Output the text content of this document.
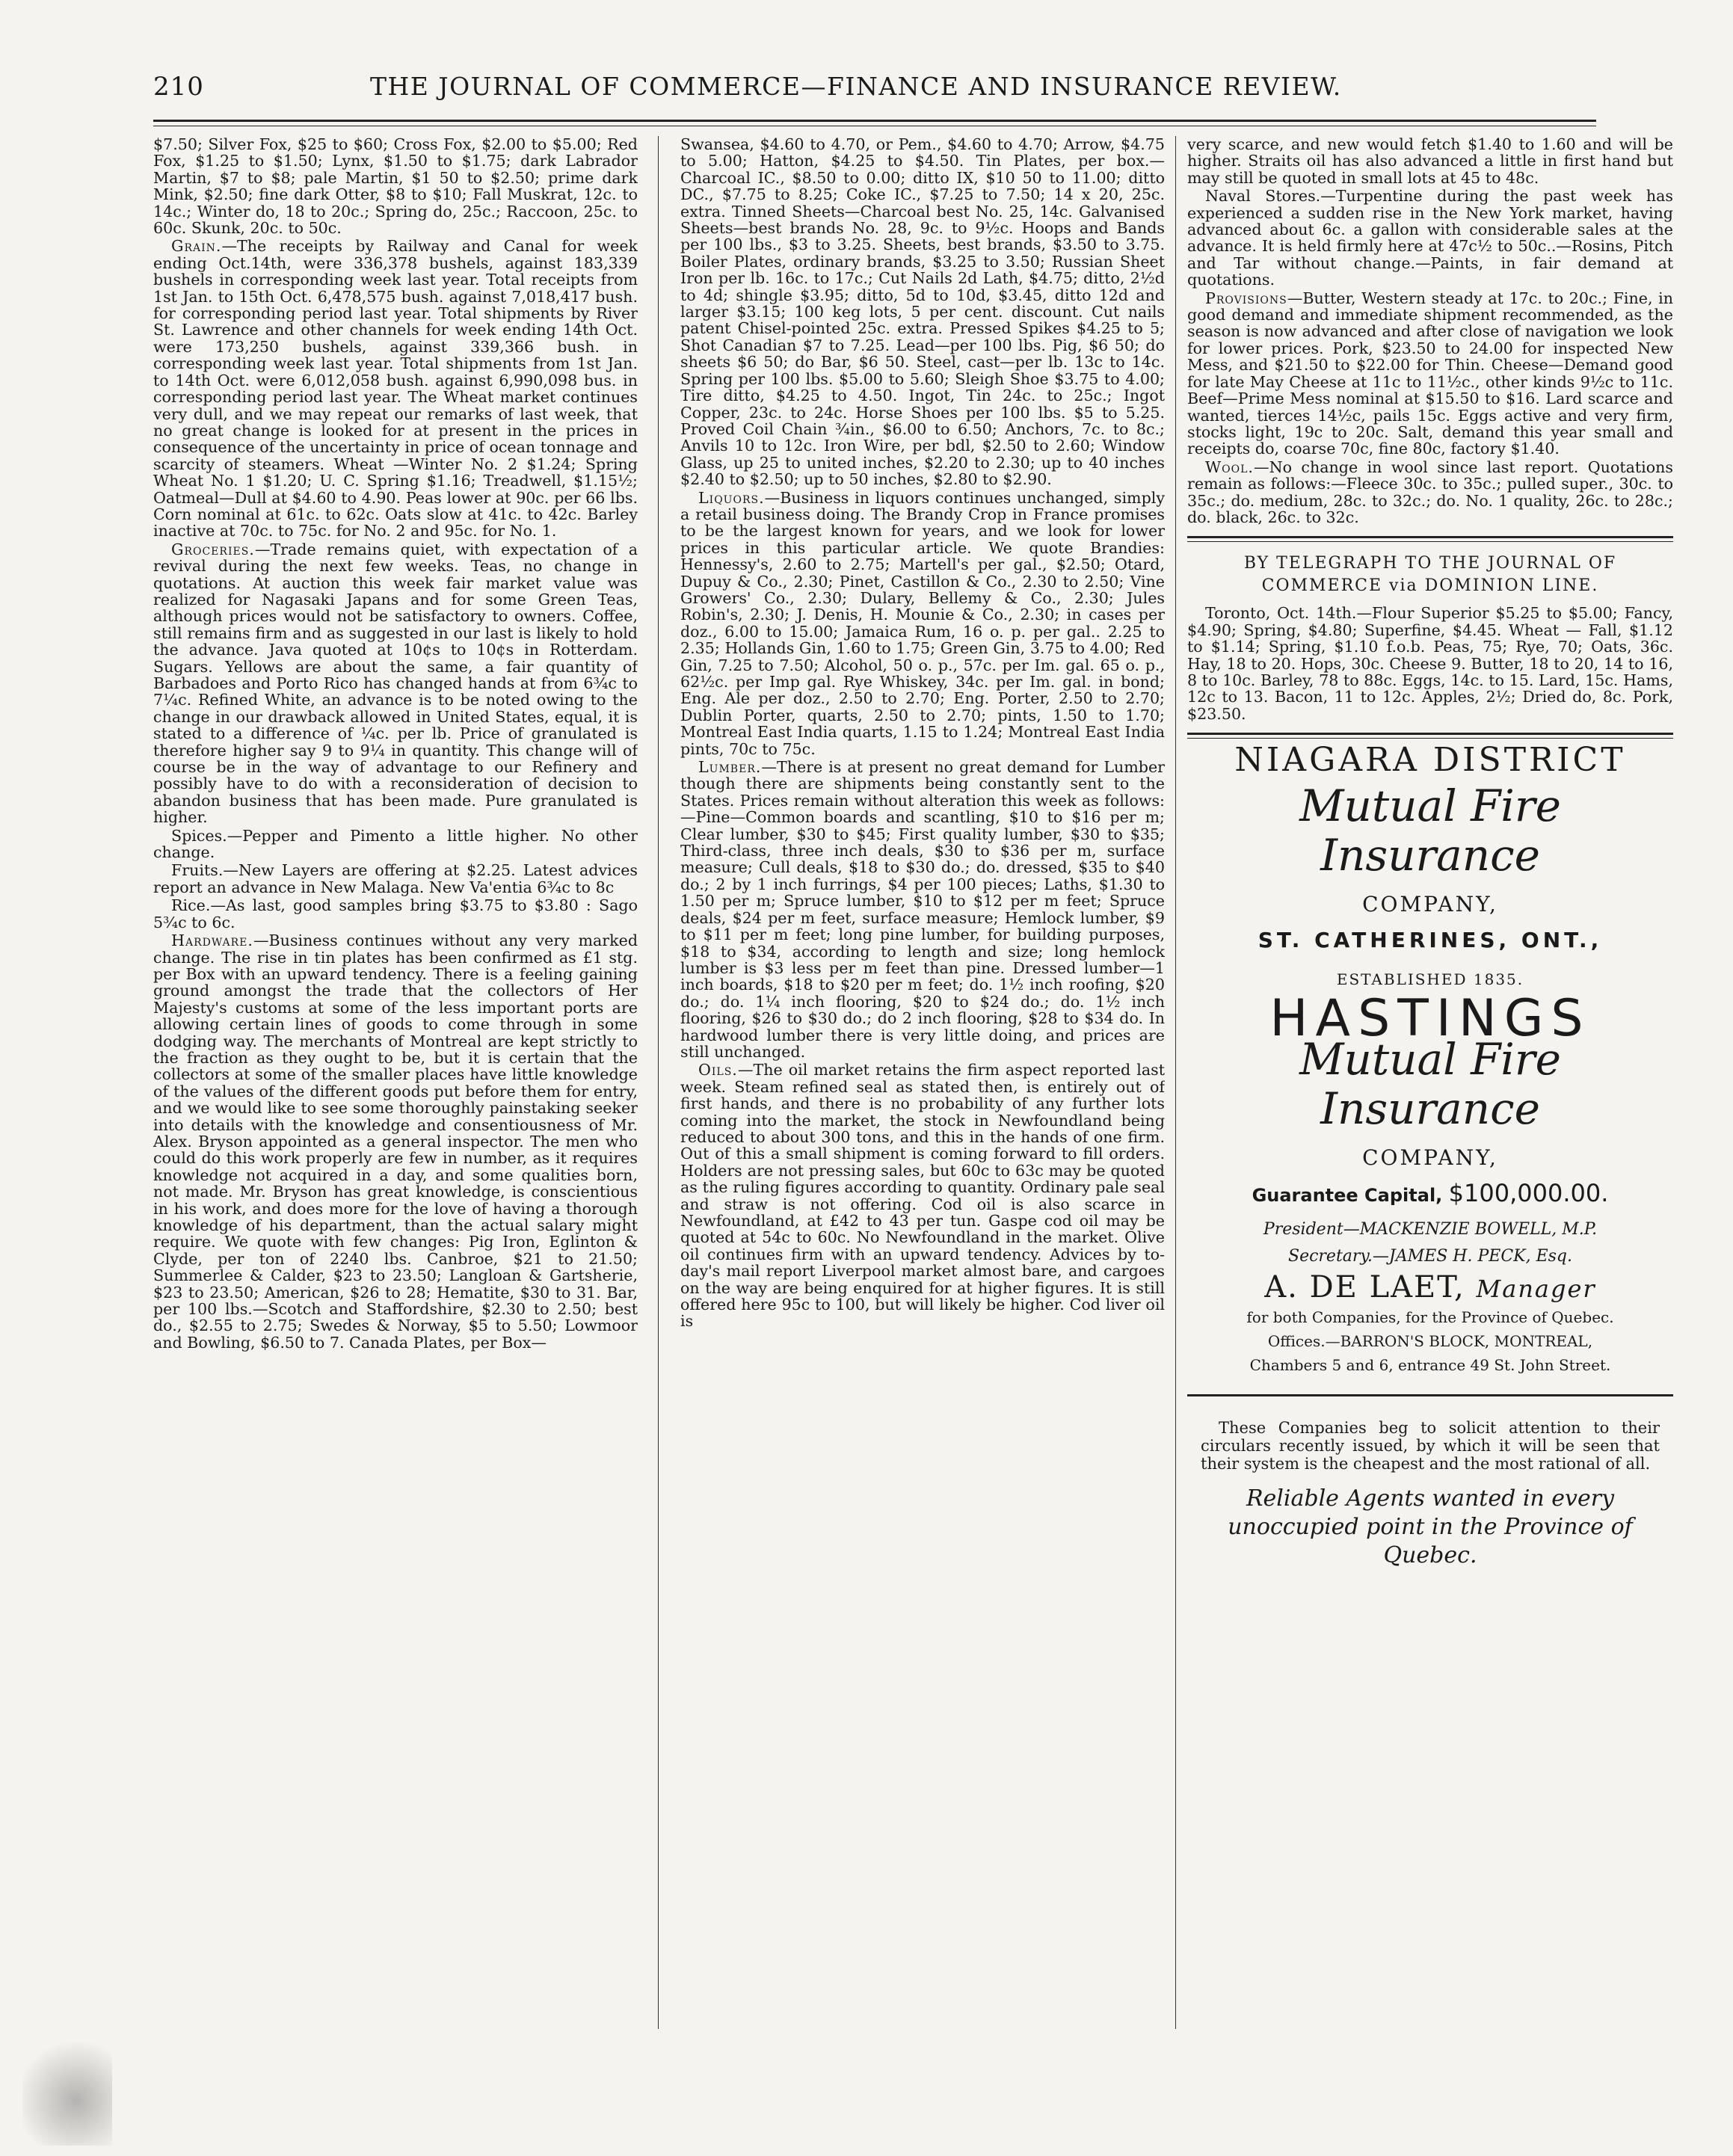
210	THE JOURNAL OF COMMERCE—FINANCE AND INSURANCE REVIEW.

$7.50; Silver Fox, $25 to $60; Cross Fox, $2.00 to $5.00; Red Fox, $1.25 to $1.50; Lynx, $1.50 to $1.75; dark Labrador Martin, $7 to $8; pale Martin, $1 50 to $2.50; prime dark Mink, $2.50; fine dark Otter, $8 to $10; Fall Muskrat, 12c. to 14c.; Winter do, 18 to 20c.; Spring do, 25c.; Raccoon, 25c. to 60c. Skunk, 20c. to 50c.

Grain.—The receipts by Railway and Canal for week ending Oct.14th, were 336,378 bushels, against 183,339 bushels in corresponding week last year. Total receipts from 1st Jan. to 15th Oct. 6,478,575 bush. against 7,018,417 bush. for corresponding period last year. Total shipments by River St. Lawrence and other channels for week ending 14th Oct. were 173,250 bushels, against 339,366 bush. in corresponding week last year. Total shipments from 1st Jan. to 14th Oct. were 6,012,058 bush. against 6,990,098 bus. in corresponding period last year. The Wheat market continues very dull, and we may repeat our remarks of last week, that no great change is looked for at present in the prices in consequence of the uncertainty in price of ocean tonnage and scarcity of steamers. Wheat —Winter No. 2 $1.24; Spring Wheat No. 1 $1.20; U. C. Spring $1.16; Treadwell, $1.15½; Oatmeal—Dull at $4.60 to 4.90. Peas lower at 90c. per 66 lbs. Corn nominal at 61c. to 62c. Oats slow at 41c. to 42c. Barley inactive at 70c. to 75c. for No. 2 and 95c. for No. 1.

Groceries.—Trade remains quiet, with expectation of a revival during the next few weeks. Teas, no change in quotations. At auction this week fair market value was realized for Nagasaki Japans and for some Green Teas, although prices would not be satisfactory to owners. Coffee, still remains firm and as suggested in our last is likely to hold the advance. Java quoted at 10¢s to 10¢s in Rotterdam. Sugars. Yellows are about the same, a fair quantity of Barbadoes and Porto Rico has changed hands at from 6¾c to 7¼c. Refined White, an advance is to be noted owing to the change in our drawback allowed in United States, equal, it is stated to a difference of ¼c. per lb. Price of granulated is therefore higher say 9 to 9¼ in quantity. This change will of course be in the way of advantage to our Refinery and possibly have to do with a reconsideration of decision to abandon business that has been made. Pure granulated is higher.

Spices.—Pepper and Pimento a little higher. No other change.

Fruits.—New Layers are offering at $2.25. Latest advices report an advance in New Malaga. New Va'entia 6¾c to 8c

Rice.—As last, good samples bring $3.75 to $3.80 : Sago 5¾c to 6c.

Hardware.—Business continues without any very marked change. The rise in tin plates has been confirmed as £1 stg. per Box with an upward tendency. There is a feeling gaining ground amongst the trade that the collectors of Her Majesty's customs at some of the less important ports are allowing certain lines of goods to come through in some dodging way. The merchants of Montreal are kept strictly to the fraction as they ought to be, but it is certain that the collectors at some of the smaller places have little knowledge of the values of the different goods put before them for entry, and we would like to see some thoroughly painstaking seeker into details with the knowledge and consentiousness of Mr. Alex. Bryson appointed as a general inspector. The men who could do this work properly are few in number, as it requires knowledge not acquired in a day, and some qualities born, not made. Mr. Bryson has great knowledge, is conscientious in his work, and does more for the love of having a thorough knowledge of his department, than the actual salary might require. We quote with few changes: Pig Iron, Eglinton & Clyde, per ton of 2240 lbs. Canbroe, $21 to 21.50; Summerlee & Calder, $23 to 23.50; Langloan & Gartsherie, $23 to 23.50; American, $26 to 28; Hematite, $30 to 31. Bar, per 100 lbs.—Scotch and Staffordshire, $2.30 to 2.50; best do., $2.55 to 2.75; Swedes & Norway, $5 to 5.50; Lowmoor and Bowling, $6.50 to 7. Canada Plates, per Box—

Swansea, $4.60 to 4.70, or Pem., $4.60 to 4.70; Arrow, $4.75 to 5.00; Hatton, $4.25 to $4.50. Tin Plates, per box.—Charcoal IC., $8.50 to 0.00; ditto IX, $10 50 to 11.00; ditto DC., $7.75 to 8.25; Coke IC., $7.25 to 7.50; 14 x 20, 25c. extra. Tinned Sheets—Charcoal best No. 25, 14c. Galvanised Sheets—best brands No. 28, 9c. to 9½c. Hoops and Bands per 100 lbs., $3 to 3.25. Sheets, best brands, $3.50 to 3.75. Boiler Plates, ordinary brands, $3.25 to 3.50; Russian Sheet Iron per lb. 16c. to 17c.; Cut Nails 2d Lath, $4.75; ditto, 2½d to 4d; shingle $3.95; ditto, 5d to 10d, $3.45, ditto 12d and larger $3.15; 100 keg lots, 5 per cent. discount. Cut nails patent Chisel-pointed 25c. extra. Pressed Spikes $4.25 to 5; Shot Canadian $7 to 7.25. Lead—per 100 lbs. Pig, $6 50; do sheets $6 50; do Bar, $6 50. Steel, cast—per lb. 13c to 14c. Spring per 100 lbs. $5.00 to 5.60; Sleigh Shoe $3.75 to 4.00; Tire ditto, $4.25 to 4.50. Ingot, Tin 24c. to 25c.; Ingot Copper, 23c. to 24c. Horse Shoes per 100 lbs. $5 to 5.25. Proved Coil Chain ¾in., $6.00 to 6.50; Anchors, 7c. to 8c.; Anvils 10 to 12c. Iron Wire, per bdl, $2.50 to 2.60; Window Glass, up 25 to united inches, $2.20 to 2.30; up to 40 inches $2.40 to $2.50; up to 50 inches, $2.80 to $2.90.

Liquors.—Business in liquors continues unchanged, simply a retail business doing. The Brandy Crop in France promises to be the largest known for years, and we look for lower prices in this particular article. We quote Brandies: Hennessy's, 2.60 to 2.75; Martell's per gal., $2.50; Otard, Dupuy & Co., 2.30; Pinet, Castillon & Co., 2.30 to 2.50; Vine Growers' Co., 2.30; Dulary, Bellemy & Co., 2.30; Jules Robin's, 2.30; J. Denis, H. Mounie & Co., 2.30; in cases per doz., 6.00 to 15.00; Jamaica Rum, 16 o. p. per gal.. 2.25 to 2.35; Hollands Gin, 1.60 to 1.75; Green Gin, 3.75 to 4.00; Red Gin, 7.25 to 7.50; Alcohol, 50 o. p., 57c. per Im. gal. 65 o. p., 62½c. per Imp gal. Rye Whiskey, 34c. per Im. gal. in bond; Eng. Ale per doz., 2.50 to 2.70; Eng. Porter, 2.50 to 2.70; Dublin Porter, quarts, 2.50 to 2.70; pints, 1.50 to 1.70; Montreal East India quarts, 1.15 to 1.24; Montreal East India pints, 70c to 75c.

Lumber.—There is at present no great demand for Lumber though there are shipments being constantly sent to the States. Prices remain without alteration this week as follows:—Pine—Common boards and scantling, $10 to $16 per m; Clear lumber, $30 to $45; First quality lumber, $30 to $35; Third-class, three inch deals, $30 to $36 per m, surface measure; Cull deals, $18 to $30 do.; do. dressed, $35 to $40 do.; 2 by 1 inch furrings, $4 per 100 pieces; Laths, $1.30 to 1.50 per m; Spruce lumber, $10 to $12 per m feet; Spruce deals, $24 per m feet, surface measure; Hemlock lumber, $9 to $11 per m feet; long pine lumber, for building purposes, $18 to $34, according to length and size; long hemlock lumber is $3 less per m feet than pine. Dressed lumber—1 inch boards, $18 to $20 per m feet; do. 1½ inch roofing, $20 do.; do. 1¼ inch flooring, $20 to $24 do.; do. 1½ inch flooring, $26 to $30 do.; do 2 inch flooring, $28 to $34 do. In hardwood lumber there is very little doing, and prices are still unchanged.

Oils.—The oil market retains the firm aspect reported last week. Steam refined seal as stated then, is entirely out of first hands, and there is no probability of any further lots coming into the market, the stock in Newfoundland being reduced to about 300 tons, and this in the hands of one firm. Out of this a small shipment is coming forward to fill orders. Holders are not pressing sales, but 60c to 63c may be quoted as the ruling figures according to quantity. Ordinary pale seal and straw is not offering. Cod oil is also scarce in Newfoundland, at £42 to 43 per tun. Gaspe cod oil may be quoted at 54c to 60c. No Newfoundland in the market. Olive oil continues firm with an upward tendency. Advices by to-day's mail report Liverpool market almost bare, and cargoes on the way are being enquired for at higher figures. It is still offered here 95c to 100, but will likely be higher. Cod liver oil is

very scarce, and new would fetch $1.40 to 1.60 and will be higher. Straits oil has also advanced a little in first hand but may still be quoted in small lots at 45 to 48c.

Naval Stores.—Turpentine during the past week has experienced a sudden rise in the New York market, having advanced about 6c. a gallon with considerable sales at the advance. It is held firmly here at 47c½ to 50c..—Rosins, Pitch and Tar without change.—Paints, in fair demand at quotations.

Provisions—Butter, Western steady at 17c. to 20c.; Fine, in good demand and immediate shipment recommended, as the season is now advanced and after close of navigation we look for lower prices. Pork, $23.50 to 24.00 for inspected New Mess, and $21.50 to $22.00 for Thin. Cheese—Demand good for late May Cheese at 11c to 11½c., other kinds 9½c to 11c. Beef—Prime Mess nominal at $15.50 to $16. Lard scarce and wanted, tierces 14½c, pails 15c. Eggs active and very firm, stocks light, 19c to 20c. Salt, demand this year small and receipts do, coarse 70c, fine 80c, factory $1.40.

Wool.—No change in wool since last report. Quotations remain as follows:—Fleece 30c. to 35c.; pulled super., 30c. to 35c.; do. medium, 28c. to 32c.; do. No. 1 quality, 26c. to 28c.; do. black, 26c. to 32c.

BY TELEGRAPH TO THE JOURNAL OF COMMERCE via DOMINION LINE.

Toronto, Oct. 14th.—Flour Superior $5.25 to $5.00; Fancy, $4.90; Spring, $4.80; Superfine, $4.45. Wheat — Fall, $1.12 to $1.14; Spring, $1.10 f.o.b. Peas, 75; Rye, 70; Oats, 36c. Hay, 18 to 20. Hops, 30c. Cheese 9. Butter, 18 to 20, 14 to 16, 8 to 10c. Barley, 78 to 88c. Eggs, 14c. to 15. Lard, 15c. Hams, 12c to 13. Bacon, 11 to 12c. Apples, 2½; Dried do, 8c. Pork, $23.50.

NIAGARA DISTRICT
Mutual Fire Insurance
COMPANY,
ST. CATHERINES, ONT.,
ESTABLISHED 1835.
HASTINGS
Mutual Fire Insurance
COMPANY,
Guarantee Capital, $100,000.00.
President—MACKENZIE BOWELL, M.P.
Secretary.—JAMES H. PECK, Esq.
A. DE LAET, Manager
for both Companies, for the Province of Quebec.
Offices.—BARRON'S BLOCK, MONTREAL,
Chambers 5 and 6, entrance 49 St. John Street.
These Companies beg to solicit attention to their circulars recently issued, by which it will be seen that their system is the cheapest and the most rational of all.
Reliable Agents wanted in every unoccupied point in the Province of Quebec.
